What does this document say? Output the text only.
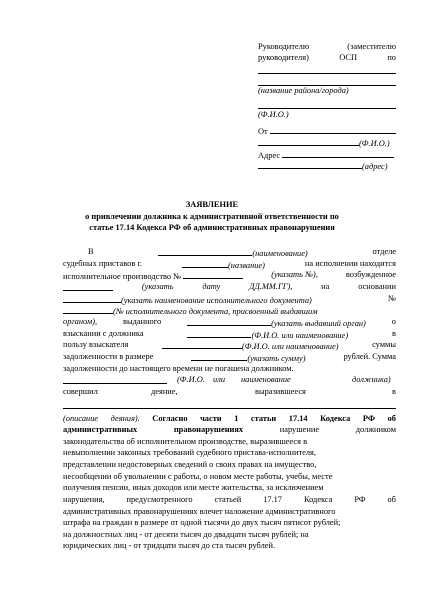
Руководителю	(заместителю
руководителя)	ОСП	по
(название района/города)
(Ф.И.О.)
От
(Ф.И.О.)
Адрес
(адрес)
ЗАЯВЛЕНИЕ
о привлечении должника к административной ответственности по
статье 17.14 Кодекса РФ об административных правонарушения
В	(наименование)	отделе
судебных приставов г.	(название)	на исполнении находится
исполнительное производство №	(указать №),	возбужденное
(указать	дату	ДД.ММ.ГГ),	на	основании
(указать наименование исполнительного документа)	№
(№ исполнительного документа, присвоенный выдавшим
органом),	выданного	(указать выдавший орган)	о
взыскании с должника	(Ф.И.О. или наименование)	в
пользу взыскателя	(Ф.И.О. или наименование)	суммы
задолженности в размере	(указать сумму)	рублей. Сумма
задолженности до настоящего времени не погашена должником.
(Ф.И.О. или наименование	должника)
совершил	деяние,	выразившееся	в
(описание деяния). Согласно части 1 статьи 17.14 Кодекса РФ об
административных	правонарушениях	нарушение	должником
законодательства об исполнительном производстве, выразившееся в
невыполнении законных требований судебного пристава-исполнителя,
представлении недостоверных сведений о своих правах на имущество,
несообщении об увольнении с работы, о новом месте работы, учебы, месте
получения пенсии, иных доходов или месте жительства, за исключением
нарушения,	предусмотренного	статьей	17.17	Кодекса	РФ	об
административных правонарушениях влечет наложение административного
штрафа на граждан в размере от одной тысячи до двух тысяч пятисот рублей;
на должностных лиц - от десяти тысяч до двадцати тысяч рублей; на
юридических лиц - от тридцати тысяч до ста тысяч рублей.
